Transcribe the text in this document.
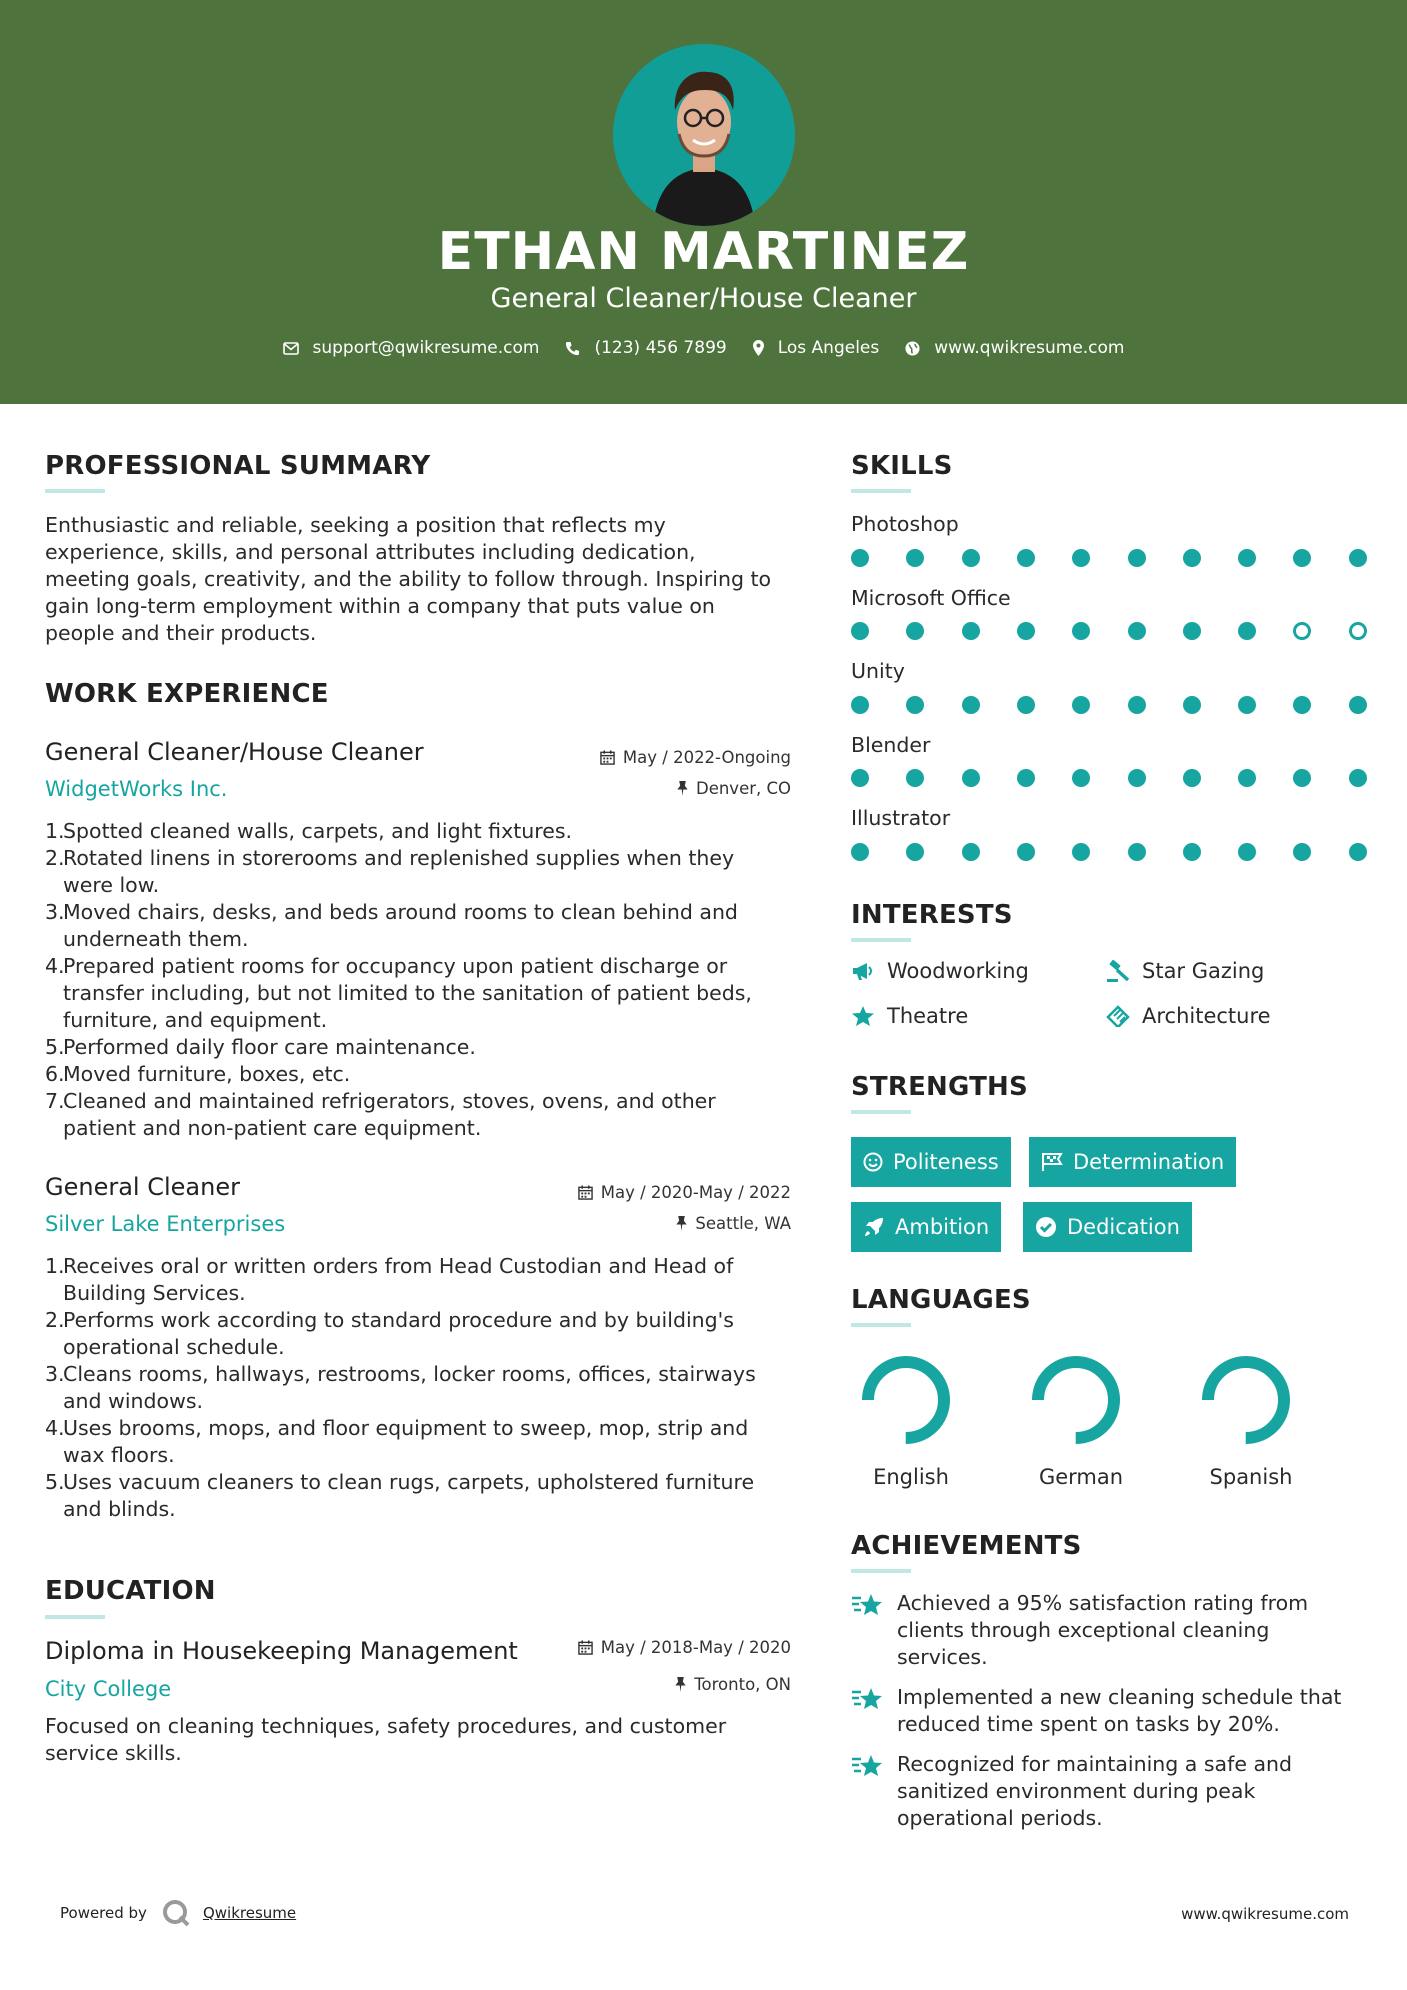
ETHAN MARTINEZ
General Cleaner/House Cleaner
support@qwikresume.com	(123) 456 7899	Los Angeles	www.qwikresume.com
PROFESSIONAL SUMMARY
Enthusiastic and reliable, seeking a position that reflects my
experience, skills, and personal attributes including dedication,
meeting goals, creativity, and the ability to follow through. Inspiring to
gain long-term employment within a company that puts value on
people and their products.
WORK EXPERIENCE
General Cleaner/House Cleaner
WidgetWorks Inc.
May / 2022-Ongoing
Denver, CO
1.
Spotted cleaned walls, carpets, and light fixtures.
2.
Rotated linens in storerooms and replenished supplies when they
were low.
3.
Moved chairs, desks, and beds around rooms to clean behind and
underneath them.
4.
Prepared patient rooms for occupancy upon patient discharge or
transfer including, but not limited to the sanitation of patient beds,
furniture, and equipment.
5.
Performed daily floor care maintenance.
6.
Moved furniture, boxes, etc.
7.
Cleaned and maintained refrigerators, stoves, ovens, and other
patient and non-patient care equipment.
General Cleaner
Silver Lake Enterprises
May / 2020-May / 2022
Seattle, WA
1.
Receives oral or written orders from Head Custodian and Head of
Building Services.
2.
Performs work according to standard procedure and by building's
operational schedule.
3.
Cleans rooms, hallways, restrooms, locker rooms, offices, stairways
and windows.
4.
Uses brooms, mops, and floor equipment to sweep, mop, strip and
wax floors.
5.
Uses vacuum cleaners to clean rugs, carpets, upholstered furniture
and blinds.
EDUCATION
Diploma in Housekeeping Management
City College
May / 2018-May / 2020
Toronto, ON
Focused on cleaning techniques, safety procedures, and customer
service skills.
SKILLS
Photoshop
Microsoft Office
Unity
Blender
Illustrator
INTERESTS
Woodworking	Star Gazing
Theatre	Architecture
STRENGTHS
Politeness	Determination
Ambition	Dedication
LANGUAGES
English	German	Spanish
ACHIEVEMENTS
Achieved a 95% satisfaction rating from
clients through exceptional cleaning
services.
Implemented a new cleaning schedule that
reduced time spent on tasks by 20%.
Recognized for maintaining a safe and
sanitized environment during peak
operational periods.
Powered by	Qwikresume	www.qwikresume.com
